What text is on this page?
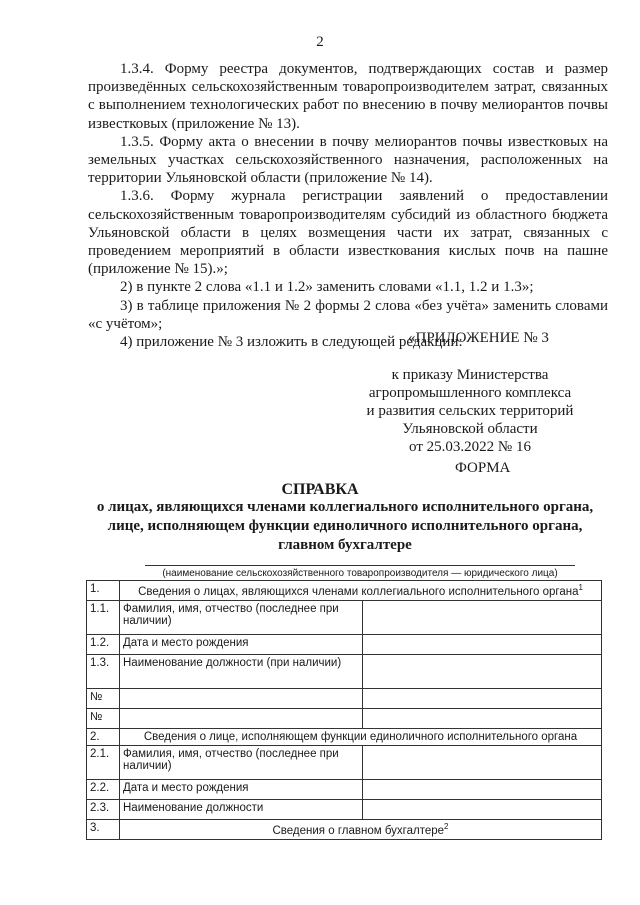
2

1.3.4. Форму реестра документов, подтверждающих состав и размер произведённых сельскохозяйственным товаропроизводителем затрат, связанных с выполнением технологических работ по внесению в почву мелиорантов почвы известковых (приложение № 13).

1.3.5. Форму акта о внесении в почву мелиорантов почвы известковых на земельных участках сельскохозяйственного назначения, расположенных на территории Ульяновской области (приложение № 14).

1.3.6. Форму журнала регистрации заявлений о предоставлении сельскохозяйственным товаропроизводителям субсидий из областного бюджета Ульяновской области в целях возмещения части их затрат, связанных с проведением мероприятий в области известкования кислых почв на пашне (приложение № 15).»;

2) в пункте 2 слова «1.1 и 1.2» заменить словами «1.1, 1.2 и 1.3»;

3) в таблице приложения № 2 формы 2 слова «без учёта» заменить словами «с учётом»;

4) приложение № 3 изложить в следующей редакции:

«ПРИЛОЖЕНИЕ № 3
к приказу Министерства
агропромышленного комплекса
и развития сельских территорий
Ульяновской области
от 25.03.2022 № 16
ФОРМА
СПРАВКА
о лицах, являющихся членами коллегиального исполнительного органа, лице, исполняющем функции единоличного исполнительного органа, главном бухгалтере
(наименование сельскохозяйственного товаропроизводителя — юридического лица)
1.	Сведения о лицах, являющихся членами коллегиального исполнительного органа$^1$
1.1.	Фамилия, имя, отчество (последнее при наличии)	
1.2.	Дата и место рождения	
1.3.	Наименование должности (при наличии)	
№		
№		
2.	Сведения о лице, исполняющем функции единоличного исполнительного органа	
2.1.	Фамилия, имя, отчество (последнее при наличии)	
2.2.	Дата и место рождения	
2.3.	Наименование должности	
3.	Сведения о главном бухгалтере$^2$
